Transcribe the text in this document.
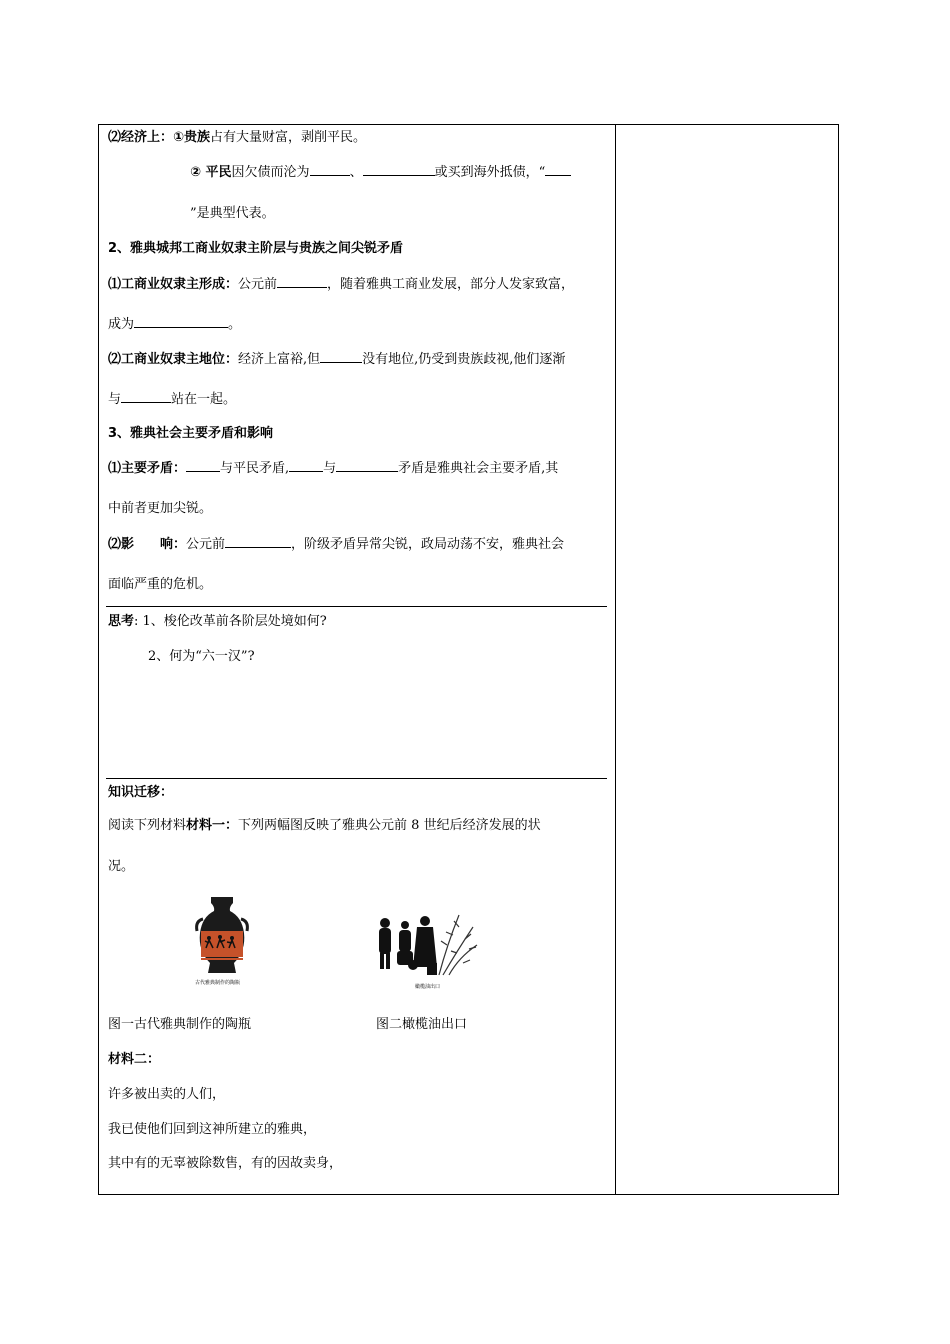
⑵经济上：①贵族占有大量财富，剥削平民。
② 平民因欠债而沦为	、	或买到海外抵债，“
”是典型代表。
2、雅典城邦工商业奴隶主阶层与贵族之间尖锐矛盾
⑴工商业奴隶主形成：公元前	，随着雅典工商业发展，部分人发家致富，
成为	。
⑵工商业奴隶主地位：经济上富裕,但	没有地位,仍受到贵族歧视,他们逐渐
与	站在一起。
3、雅典社会主要矛盾和影响
⑴主要矛盾：	与平民矛盾,	与	矛盾是雅典社会主要矛盾,其
中前者更加尖锐。
⑵影　　响：公元前	，阶级矛盾异常尖锐，政局动荡不安，雅典社会
面临严重的危机。
思考: 1、梭伦改革前各阶层处境如何?
2、何为“六一汉”?
知识迁移：
阅读下列材料材料一：下列两幅图反映了雅典公元前 8 世纪后经济发展的状
况。
古代雅典制作的陶瓶
橄榄油出口
图一古代雅典制作的陶瓶	图二橄榄油出口
材料二：
许多被出卖的人们，
我已使他们回到这神所建立的雅典，
其中有的无辜被除数售，有的因故卖身，
